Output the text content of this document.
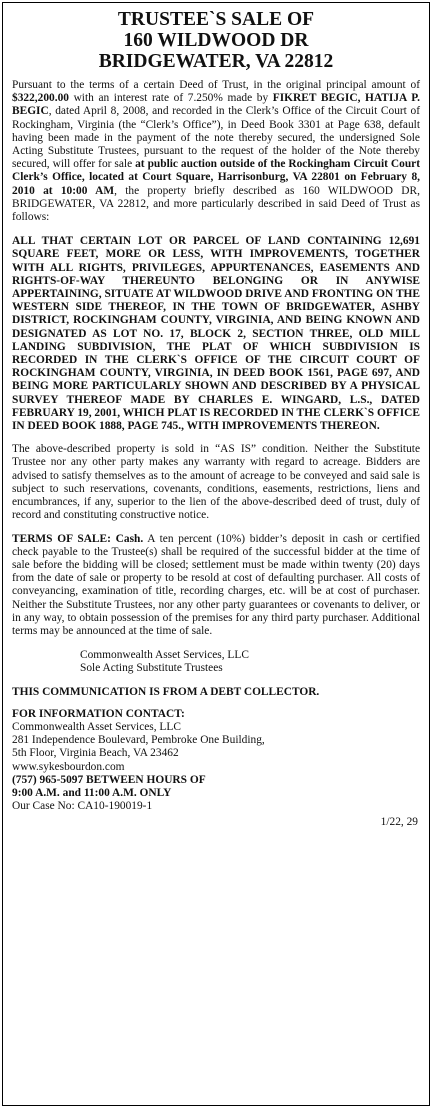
TRUSTEE`S SALE OF
160 WILDWOOD DR
BRIDGEWATER, VA 22812

Pursuant to the terms of a certain Deed of Trust, in the original principal amount of $322,200.00 with an interest rate of 7.250% made by FIKRET BEGIC, HATIJA P. BEGIC, dated April 8, 2008, and recorded in the Clerk’s Office of the Circuit Court of Rockingham, Virginia (the “Clerk’s Office”), in Deed Book 3301 at Page 638, default having been made in the payment of the note thereby secured, the undersigned Sole Acting Substitute Trustees, pursuant to the request of the holder of the Note thereby secured, will offer for sale at public auction outside of the Rockingham Circuit Court Clerk’s Office, located at Court Square, Harrisonburg, VA 22801 on February 8, 2010 at 10:00 AM, the property briefly described as 160 WILDWOOD DR, BRIDGEWATER, VA 22812, and more particularly described in said Deed of Trust as follows:

ALL THAT CERTAIN LOT OR PARCEL OF LAND CONTAINING 12,691 SQUARE FEET, MORE OR LESS, WITH IMPROVEMENTS, TOGETHER WITH ALL RIGHTS, PRIVILEGES, APPURTENANCES, EASEMENTS AND RIGHTS-OF-WAY THEREUNTO BELONGING OR IN ANYWISE APPERTAINING, SITUATE AT WILDWOOD DRIVE AND FRONTING ON THE WESTERN SIDE THEREOF, IN THE TOWN OF BRIDGEWATER, ASHBY DISTRICT, ROCKINGHAM COUNTY, VIRGINIA, AND BEING KNOWN AND DESIGNATED AS LOT NO. 17, BLOCK 2, SECTION THREE, OLD MILL LANDING SUBDIVISION, THE PLAT OF WHICH SUBDIVISION IS RECORDED IN THE CLERK`S OFFICE OF THE CIRCUIT COURT OF ROCKINGHAM COUNTY, VIRGINIA, IN DEED BOOK 1561, PAGE 697, AND BEING MORE PARTICULARLY SHOWN AND DESCRIBED BY A PHYSICAL SURVEY THEREOF MADE BY CHARLES E. WINGARD, L.S., DATED FEBRUARY 19, 2001, WHICH PLAT IS RECORDED IN THE CLERK`S OFFICE IN DEED BOOK 1888, PAGE 745., WITH IMPROVEMENTS THEREON.

The above-described property is sold in “AS IS” condition. Neither the Substitute Trustee nor any other party makes any warranty with regard to acreage. Bidders are advised to satisfy themselves as to the amount of acreage to be conveyed and said sale is subject to such reservations, covenants, conditions, easements, restrictions, liens and encumbrances, if any, superior to the lien of the above-described deed of trust, duly of record and constituting constructive notice.

TERMS OF SALE: Cash. A ten percent (10%) bidder’s deposit in cash or certified check payable to the Trustee(s) shall be required of the successful bidder at the time of sale before the bidding will be closed; settlement must be made within twenty (20) days from the date of sale or property to be resold at cost of defaulting purchaser. All costs of conveyancing, examination of title, recording charges, etc. will be at cost of purchaser. Neither the Substitute Trustees, nor any other party guarantees or covenants to deliver, or in any way, to obtain possession of the premises for any third party purchaser. Additional terms may be announced at the time of sale.

Commonwealth Asset Services, LLC
Sole Acting Substitute Trustees
THIS COMMUNICATION IS FROM A DEBT COLLECTOR.
FOR INFORMATION CONTACT:
Commonwealth Asset Services, LLC
281 Independence Boulevard, Pembroke One Building,
5th Floor, Virginia Beach, VA 23462
www.sykesbourdon.com
(757) 965-5097 BETWEEN HOURS OF
9:00 A.M. and 11:00 A.M. ONLY
Our Case No: CA10-190019-1
1/22, 29
